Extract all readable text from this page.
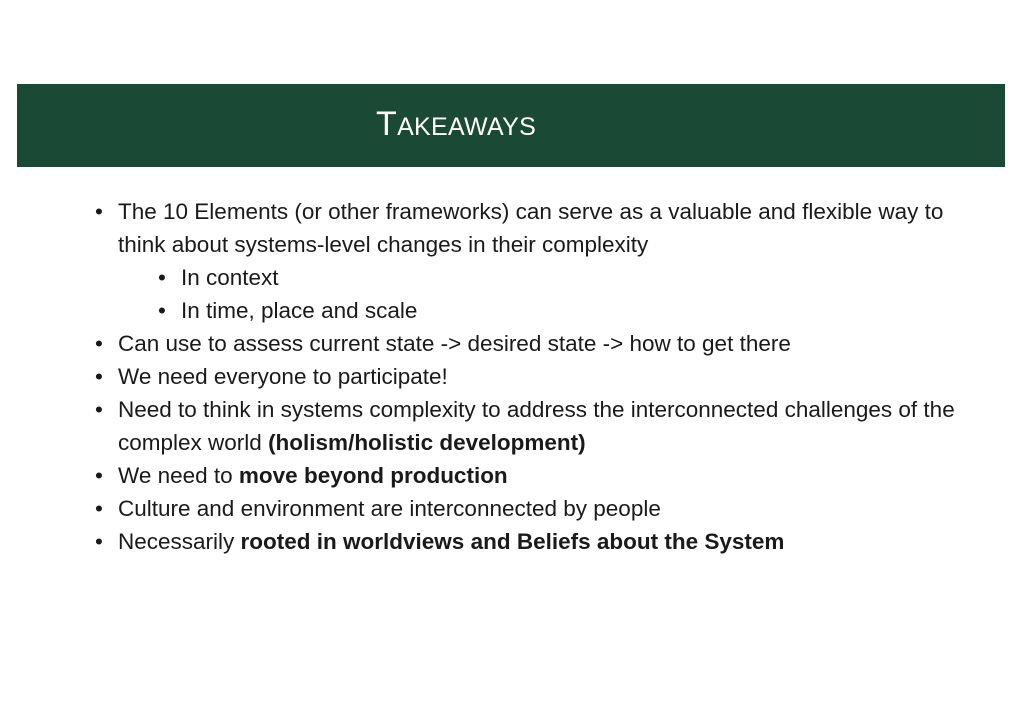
TAKEAWAYS
• The 10 Elements (or other frameworks) can serve as a valuable and flexible way to think about systems-level changes in their complexity
• In context
• In time, place and scale
• Can use to assess current state -> desired state -> how to get there
• We need everyone to participate!
• Need to think in systems complexity to address the interconnected challenges of the complex world (holism/holistic development)
• We need to move beyond production
• Culture and environment are interconnected by people
• Necessarily rooted in worldviews and Beliefs about the System
